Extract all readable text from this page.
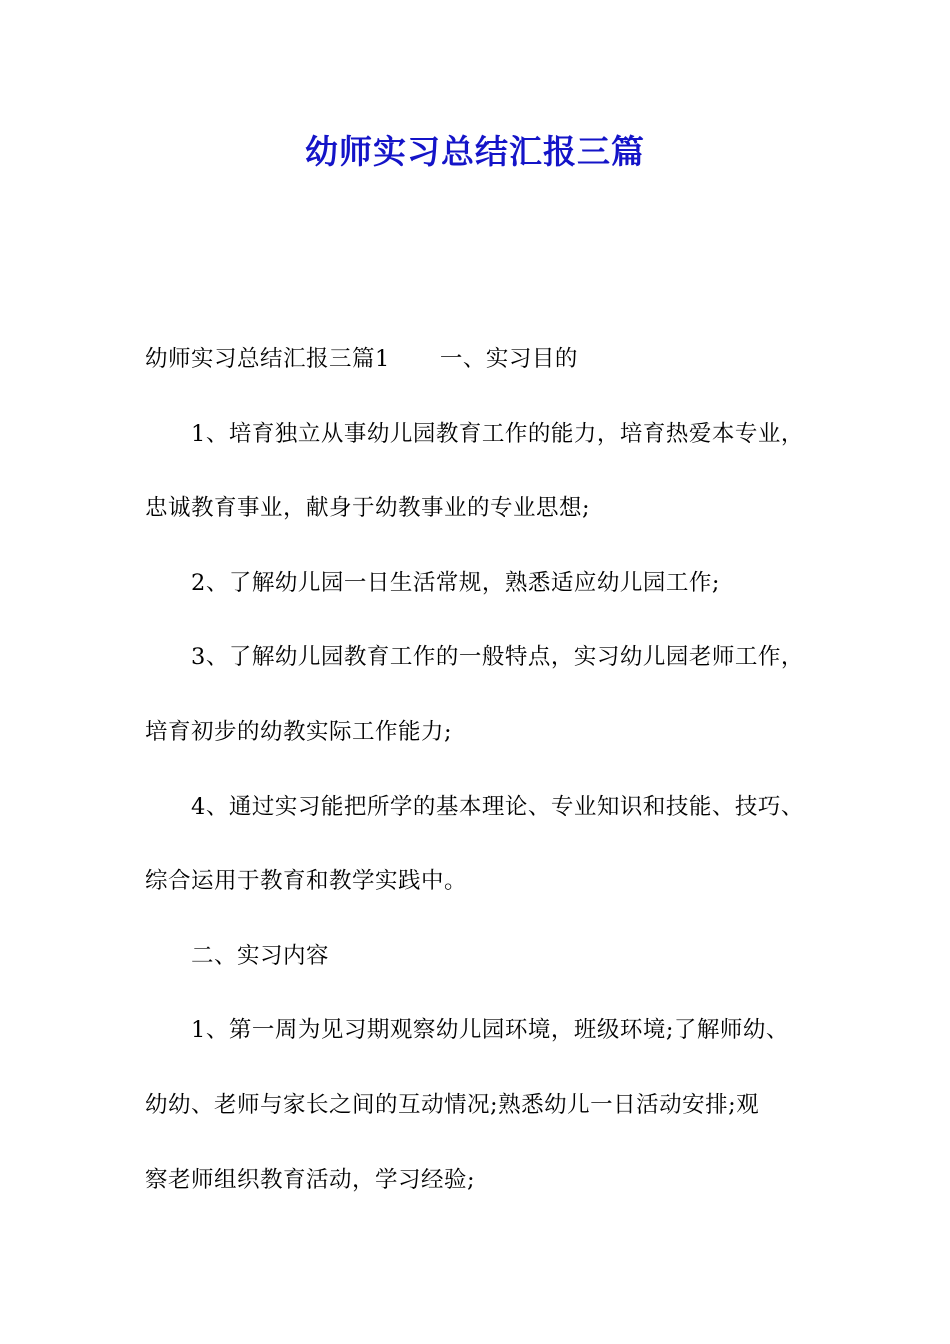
幼师实习总结汇报三篇
幼师实习总结汇报三篇1 一、实习目的
1、培育独立从事幼儿园教育工作的能力，培育热爱本专业，
忠诚教育事业，献身于幼教事业的专业思想;
2、了解幼儿园一日生活常规，熟悉适应幼儿园工作;
3、了解幼儿园教育工作的一般特点，实习幼儿园老师工作，
培育初步的幼教实际工作能力;
4、通过实习能把所学的基本理论、专业知识和技能、技巧、
综合运用于教育和教学实践中。
二、实习内容
1、第一周为见习期观察幼儿园环境，班级环境;了解师幼、
幼幼、老师与家长之间的互动情况;熟悉幼儿一日活动安排;观
察老师组织教育活动，学习经验;
